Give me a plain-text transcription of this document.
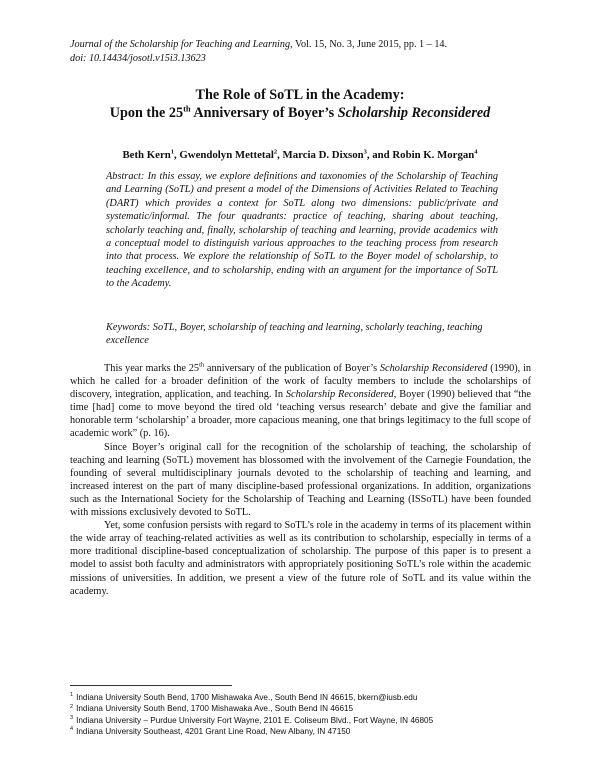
Journal of the Scholarship for Teaching and Learning, Vol. 15, No. 3, June 2015, pp. 1 – 14.
doi: 10.14434/josotl.v15i3.13623
The Role of SoTL in the Academy:
Upon the 25th Anniversary of Boyer’s Scholarship Reconsidered
Beth Kern$^1$, Gwendolyn Mettetal$^2$, Marcia D. Dixson$^3$, and Robin K. Morgan$^4$
Abstract: In this essay, we explore definitions and taxonomies of the Scholarship of Teaching and Learning (SoTL) and present a model of the Dimensions of Activities Related to Teaching (DART) which provides a context for SoTL along two dimensions: public/private and systematic/informal. The four quadrants: practice of teaching, sharing about teaching, scholarly teaching and, finally, scholarship of teaching and learning, provide academics with a conceptual model to distinguish various approaches to the teaching process from research into that process. We explore the relationship of SoTL to the Boyer model of scholarship, to teaching excellence, and to scholarship, ending with an argument for the importance of SoTL to the Academy.
Keywords: SoTL, Boyer, scholarship of teaching and learning, scholarly teaching, teaching excellence

This year marks the 25th anniversary of the publication of Boyer’s Scholarship Reconsidered (1990), in which he called for a broader definition of the work of faculty members to include the scholarships of discovery, integration, application, and teaching. In Scholarship Reconsidered, Boyer (1990) believed that “the time [had] come to move beyond the tired old ‘teaching versus research’ debate and give the familiar and honorable term ‘scholarship’ a broader, more capacious meaning, one that brings legitimacy to the full scope of academic work” (p. 16).

Since Boyer’s original call for the recognition of the scholarship of teaching, the scholarship of teaching and learning (SoTL) movement has blossomed with the involvement of the Carnegie Foundation, the founding of several multidisciplinary journals devoted to the scholarship of teaching and learning, and increased interest on the part of many discipline-based professional organizations. In addition, organizations such as the International Society for the Scholarship of Teaching and Learning (ISSoTL) have been founded with missions exclusively devoted to SoTL.

Yet, some confusion persists with regard to SoTL’s role in the academy in terms of its placement within the wide array of teaching-related activities as well as its contribution to scholarship, especially in terms of a more traditional discipline-based conceptualization of scholarship. The purpose of this paper is to present a model to assist both faculty and administrators with appropriately positioning SoTL’s role within the academic missions of universities. In addition, we present a view of the future role of SoTL and its value within the academy.

$^1$ Indiana University South Bend, 1700 Mishawaka Ave., South Bend IN 46615, bkern@iusb.edu
$^2$ Indiana University South Bend, 1700 Mishawaka Ave., South Bend IN 46615
$^3$ Indiana University – Purdue University Fort Wayne, 2101 E. Coliseum Blvd., Fort Wayne, IN 46805
$^4$ Indiana University Southeast, 4201 Grant Line Road, New Albany, IN 47150
